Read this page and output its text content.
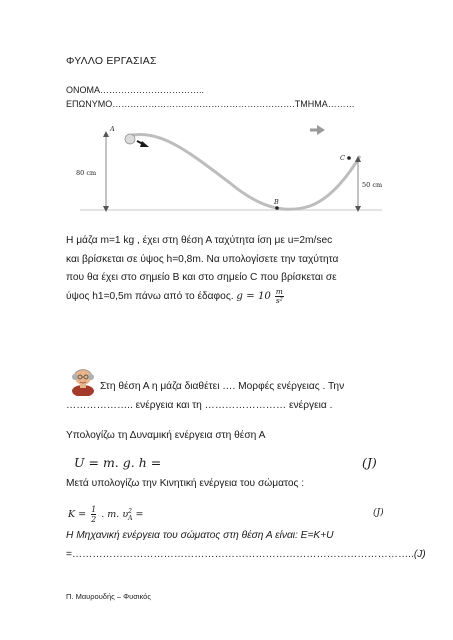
ΦΥΛΛΟ ΕΡΓΑΣΙΑΣ
ΟΝΟΜΑ……………………………..
ΕΠΩΝΥΜΟ…………………………………………………….ΤΜΗΜΑ………
80 cm
A
B
C
50 cm
Η μάζα m=1 kg , έχει στη θέση Α ταχύτητα ίση με u=2m/sec
και βρίσκεται σε ύψος h=0,8m. Να υπολογίσετε την ταχύτητα
που θα έχει στο σημείο Β και στο σημείο C που βρίσκεται σε
ύψος h1=0,5m πάνω από το έδαφος. $g = 10 \frac{m}{\text{s²}}$
Στη θέση Α η μάζα διαθέτει …. Μορφές ενέργειας . Την
……………….. ενέργεια και τη …………………… ενέργεια .
Υπολογίζω τη Δυναμική ενέργεια στη θέση Α
U = m. g. h =	(J)
Μετά υπολογίζω την Κινητική ενέργεια του σώματος :
$K = \frac{1}{2}$ . m. υ 2
A =	(J)
Η Μηχανική ενέργεια του σώματος στη θέση Α είναι: E=K+U
=………………………………………………………………………………………..(J)
Π. Μαυρουδής – Φυσικός
